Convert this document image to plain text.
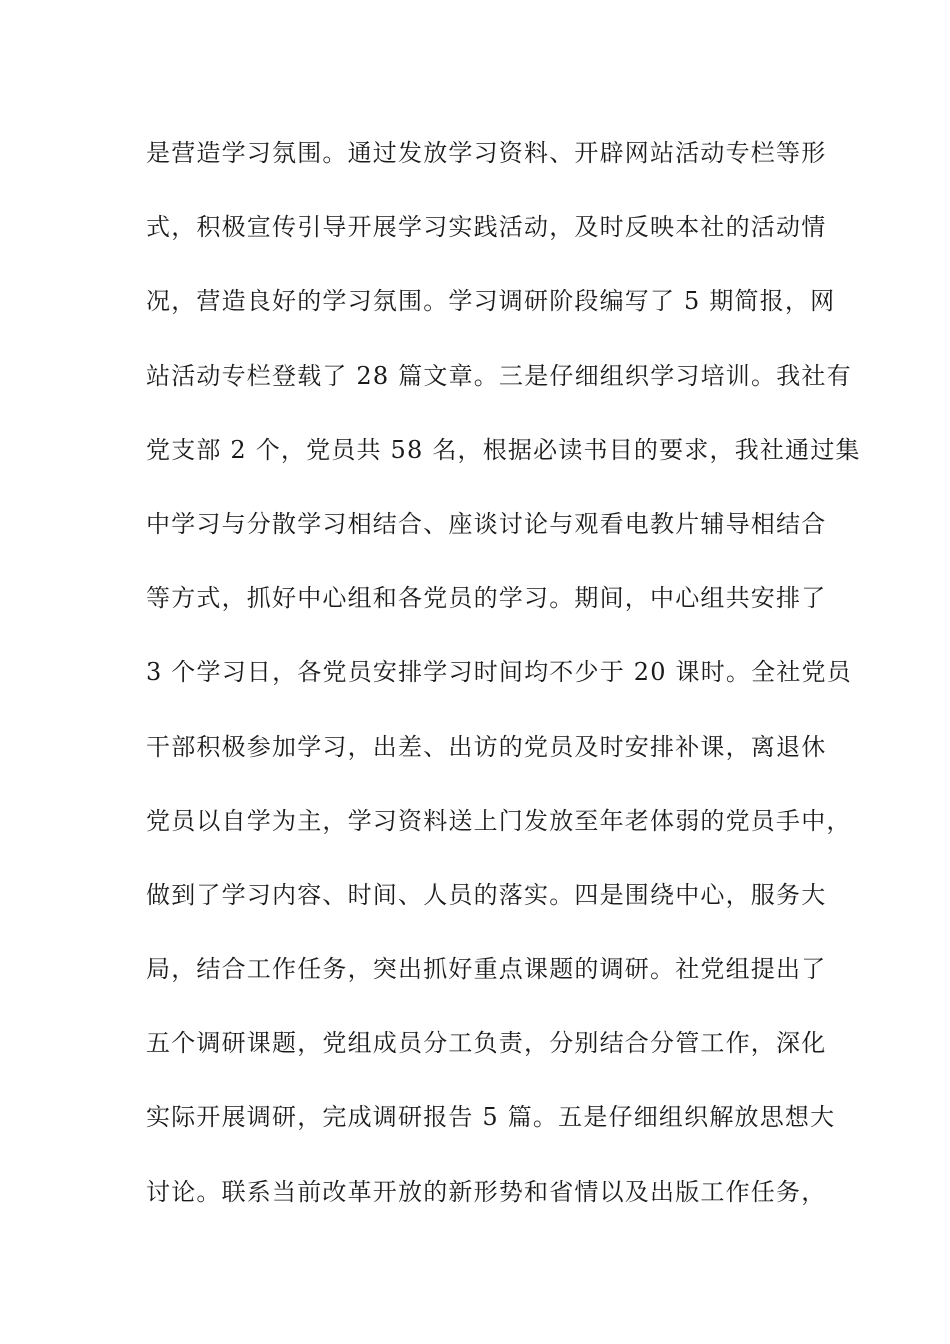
是营造学习氛围。通过发放学习资料、开辟网站活动专栏等形
式，积极宣传引导开展学习实践活动，及时反映本社的活动情
况，营造良好的学习氛围。学习调研阶段编写了 5 期简报，网
站活动专栏登载了 28 篇文章。三是仔细组织学习培训。我社有
党支部 2 个，党员共 58 名，根据必读书目的要求，我社通过集
中学习与分散学习相结合、座谈讨论与观看电教片辅导相结合
等方式，抓好中心组和各党员的学习。期间，中心组共安排了
3 个学习日，各党员安排学习时间均不少于 20 课时。全社党员
干部积极参加学习，出差、出访的党员及时安排补课，离退休
党员以自学为主，学习资料送上门发放至年老体弱的党员手中，
做到了学习内容、时间、人员的落实。四是围绕中心，服务大
局，结合工作任务，突出抓好重点课题的调研。社党组提出了
五个调研课题，党组成员分工负责，分别结合分管工作，深化
实际开展调研，完成调研报告 5 篇。五是仔细组织解放思想大
讨论。联系当前改革开放的新形势和省情以及出版工作任务，
